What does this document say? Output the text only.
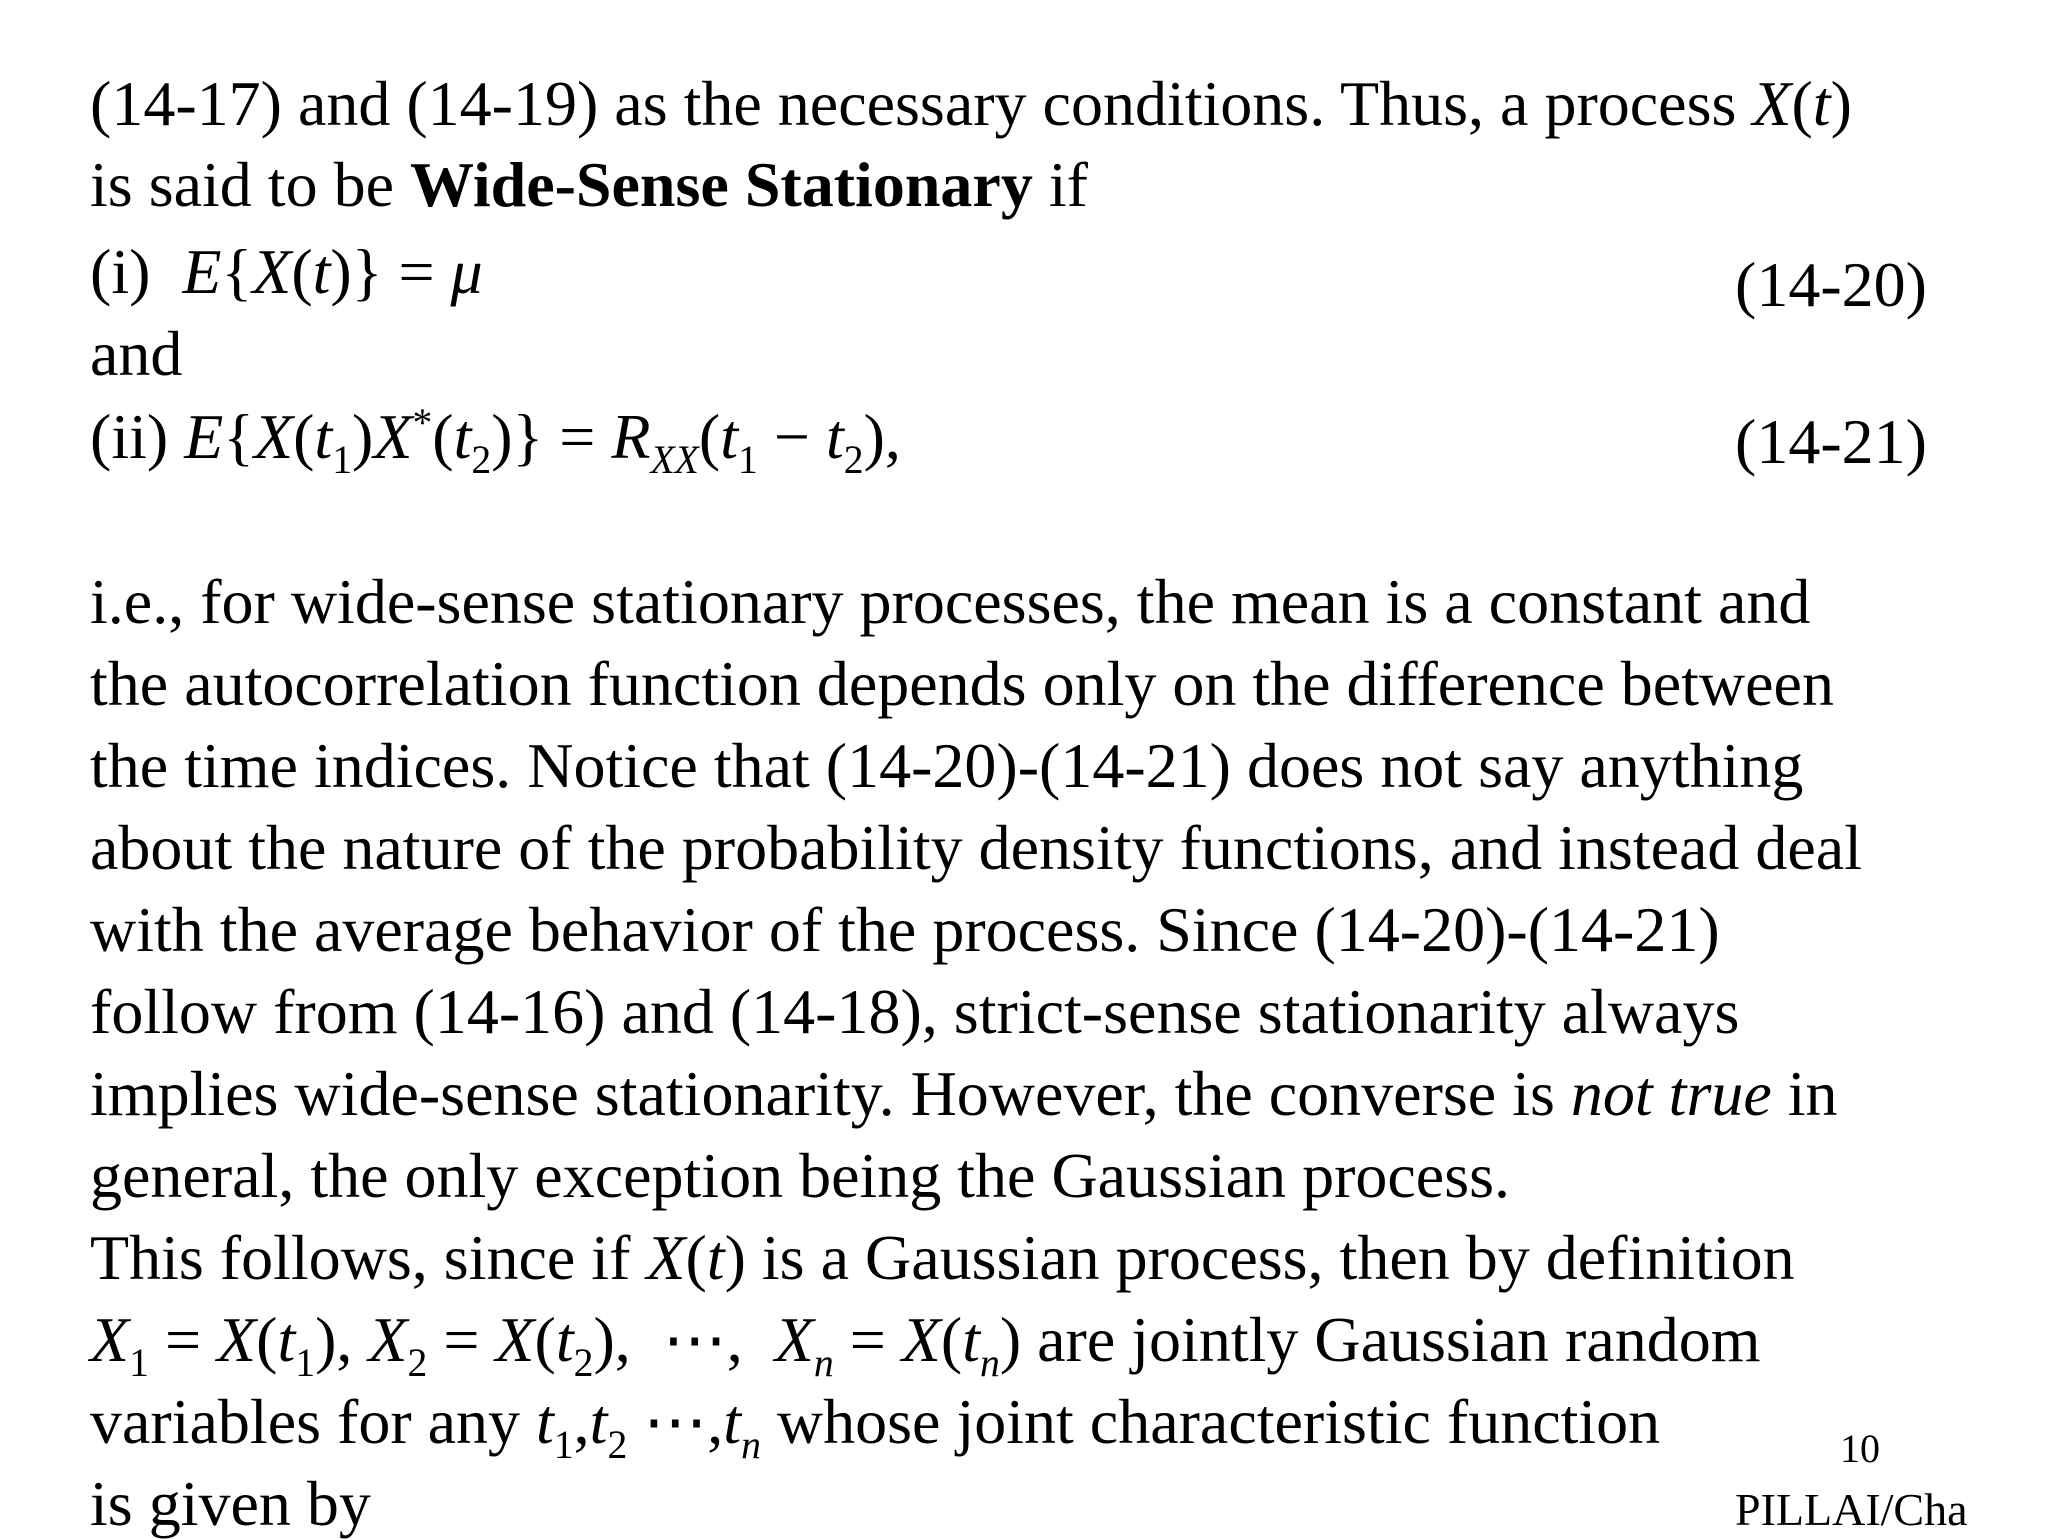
(14-17) and (14-19) as the necessary conditions. Thus, a process X(t)
is said to be Wide-Sense Stationary if
(i) E{X(t)} = μ	(14-20)
and
(ii) $E\{X(t_1)X^*(t_2)\} = R_{XX}(t_1 - t_2)$,	(14-21)
i.e., for wide-sense stationary processes, the mean is a constant and
the autocorrelation function depends only on the difference between
the time indices. Notice that (14-20)-(14-21) does not say anything
about the nature of the probability density functions, and instead deal
with the average behavior of the process. Since (14-20)-(14-21)
follow from (14-16) and (14-18), strict-sense stationarity always
implies wide-sense stationarity. However, the converse is not true in
general, the only exception being the Gaussian process.
This follows, since if X(t) is a Gaussian process, then by definition
$X_1 = X(t_1)$, $X_2 = X(t_2)$,  ⋯,  $X_n = X(t_n)$ are jointly Gaussian random
variables for any $t_1,t_2$ $\cdots,t_n$ whose joint characteristic function
is given by
10
PILLAI/Cha
